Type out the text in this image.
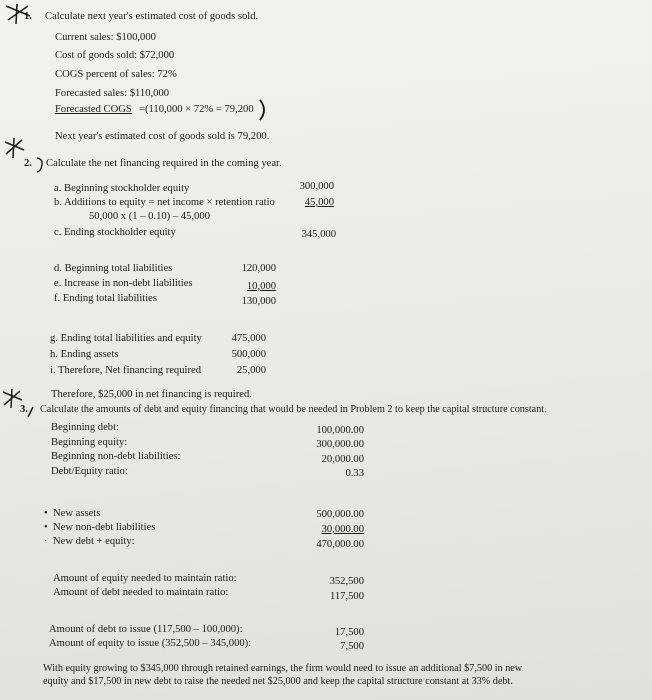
1. Calculate next year's estimated cost of goods sold.
Current sales: $100,000
Cost of goods sold: $72,000
COGS percent of sales: 72%
Forecasted sales: $110,000
Forecasted COGS =(110,000 × 72% = 79,200
Next year's estimated cost of goods sold is 79,200.
2. Calculate the net financing required in the coming year.
a. Beginning stockholder equity	300,000
b. Additions to equity = net income × retention ratio	45,000
50,000 x (1 – 0.10) – 45,000
c. Ending stockholder equity	345,000
d. Beginning total liabilities	120,000
e. Increase in non-debt liabilities	10,000
f. Ending total liabilities	130,000
g. Ending total liabilities and equity	475,000
h. Ending assets	500,000
i. Therefore, Net financing required	25,000
Therefore, $25,000 in net financing is required.
3. Calculate the amounts of debt and equity financing that would be needed in Problem 2 to keep the capital structure constant.
Beginning debt:	100,000.00
Beginning equity:	300,000.00
Beginning non-debt liabilities:	20,000.00
Debt/Equity ratio:	0.33
• New assets	500,000.00
• New non-debt liabilities	30,000.00
· New debt + equity:	470,000.00
Amount of equity needed to maintain ratio:	352,500
Amount of debt needed to maintain ratio:	117,500
Amount of debt to issue (117,500 – 100,000):	17,500
Amount of equity to issue (352,500 – 345,000):	7,500
With equity growing to $345,000 through retained earnings, the firm would need to issue an additional $7,500 in new
equity and $17,500 in new debt to raise the needed net $25,000 and keep the capital structure constant at 33% debt.
